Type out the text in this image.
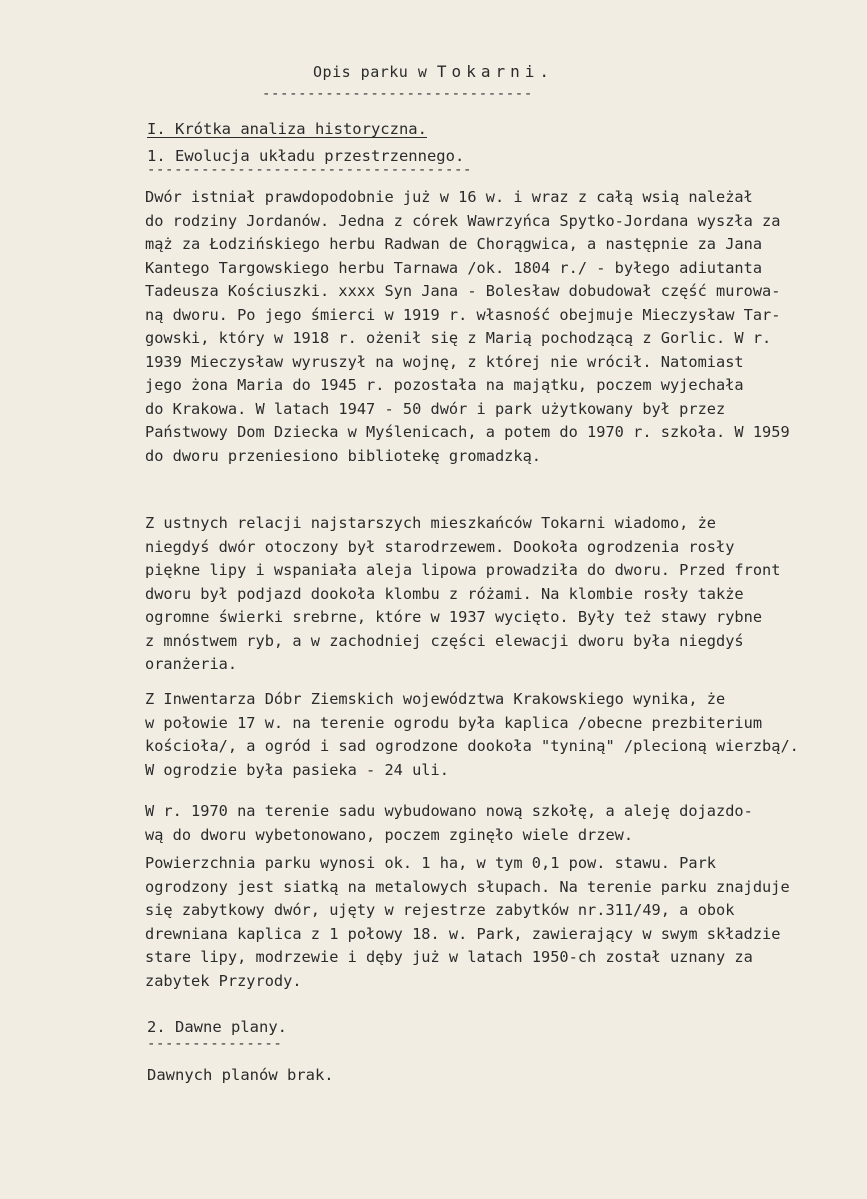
Opis parku w Tokarni.
------------------------------
I. Krótka analiza historyczna.
1. Ewolucja układu przestrzennego.
------------------------------------
Dwór istniał prawdopodobnie już w 16 w. i wraz z całą wsią należał
do rodziny Jordanów. Jedna z córek Wawrzyńca Spytko-Jordana wyszła za
mąż za Łodzińskiego herbu Radwan de Chorągwica, a następnie za Jana
Kantego Targowskiego herbu Tarnawa /ok. 1804 r./ - byłego adiutanta
Tadeusza Kościuszki. xxxx Syn Jana - Bolesław dobudował część murowa-
ną dworu. Po jego śmierci w 1919 r. własność obejmuje Mieczysław Tar-
gowski, który w 1918 r. ożenił się z Marią pochodzącą z Gorlic. W r.
1939 Mieczysław wyruszył na wojnę, z której nie wrócił. Natomiast
jego żona Maria do 1945 r. pozostała na majątku, poczem wyjechała
do Krakowa. W latach 1947 - 50 dwór i park użytkowany był przez
Państwowy Dom Dziecka w Myślenicach, a potem do 1970 r. szkoła. W 1959
do dworu przeniesiono bibliotekę gromadzką.
Z ustnych relacji najstarszych mieszkańców Tokarni wiadomo, że
niegdyś dwór otoczony był starodrzewem. Dookoła ogrodzenia rosły
piękne lipy i wspaniała aleja lipowa prowadziła do dworu. Przed front
dworu był podjazd dookoła klombu z różami. Na klombie rosły także
ogromne świerki srebrne, które w 1937 wycięto. Były też stawy rybne
z mnóstwem ryb, a w zachodniej części elewacji dworu była niegdyś
oranżeria.
Z Inwentarza Dóbr Ziemskich województwa Krakowskiego wynika, że
w połowie 17 w. na terenie ogrodu była kaplica /obecne prezbiterium
kościoła/, a ogród i sad ogrodzone dookoła "tyniną" /plecioną wierzbą/.
W ogrodzie była pasieka - 24 uli.
W r. 1970 na terenie sadu wybudowano nową szkołę, a aleję dojazdo-
wą do dworu wybetonowano, poczem zginęło wiele drzew.
Powierzchnia parku wynosi ok. 1 ha, w tym 0,1 pow. stawu. Park
ogrodzony jest siatką na metalowych słupach. Na terenie parku znajduje
się zabytkowy dwór, ujęty w rejestrze zabytków nr.311/49, a obok
drewniana kaplica z 1 połowy 18. w. Park, zawierający w swym składzie
stare lipy, modrzewie i dęby już w latach 1950-ch został uznany za
zabytek Przyrody.
2. Dawne plany.
---------------
Dawnych planów brak.
